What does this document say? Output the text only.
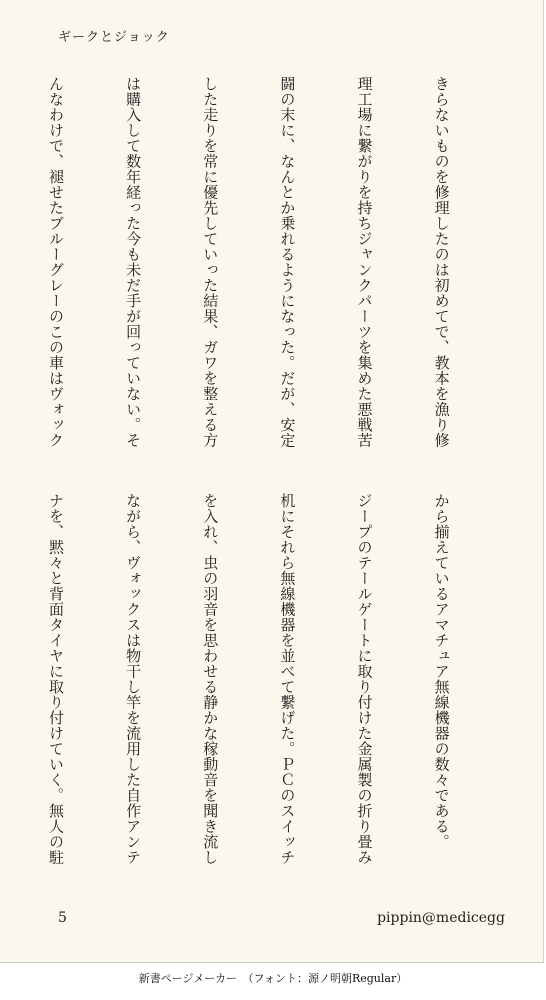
ギークとジョック

きらないものを修理したのは初めてで、教本を漁り修

理工場に繋がりを持ちジャンクパーツを集めた悪戦苦

闘の末に、なんとか乗れるようになった。だが、安定

した走りを常に優先していった結果、ガワを整える方

は購入して数年経った今も未だ手が回っていない。そ

んなわけで、褪せたブルーグレーのこの車はヴォック

から揃えているアマチュア無線機器の数々である。

ジープのテールゲートに取り付けた金属製の折り畳み

机にそれら無線機器を並べて繋げた。ＰＣのスイッチ

を入れ、虫の羽音を思わせる静かな稼動音を聞き流し

ながら、ヴォックスは物干し竿を流用した自作アンテ

ナを、黙々と背面タイヤに取り付けていく。無人の駐

5	pippin@medicegg
新書ページメーカー　（フォント：源ノ明朝Regular）
